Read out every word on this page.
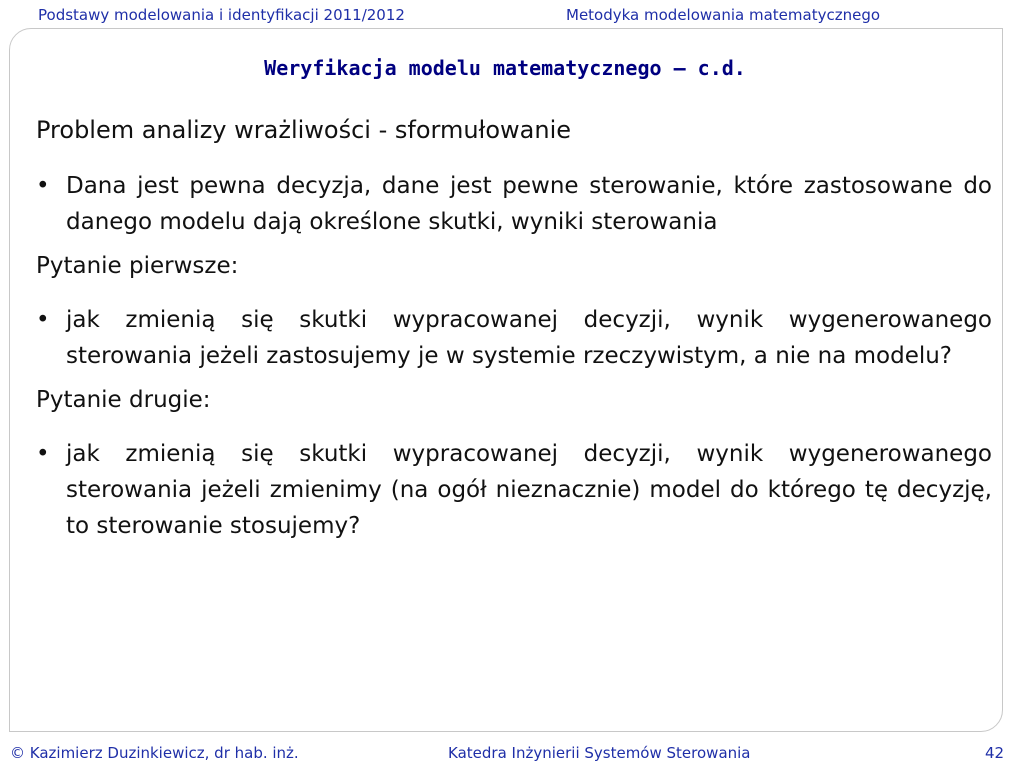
Podstawy modelowania i identyfikacji 2011/2012	Metodyka modelowania matematycznego
Weryfikacja modelu matematycznego – c.d.
Problem analizy wrażliwości - sformułowanie
• Dana jest pewna decyzja, dane jest pewne sterowanie, które zastosowane do danego modelu dają określone skutki, wyniki sterowania
Pytanie pierwsze:
• jak zmienią się skutki wypracowanej decyzji, wynik wygenerowanego sterowania jeżeli zastosujemy je w systemie rzeczywistym, a nie na modelu?
Pytanie drugie:
• jak zmienią się skutki wypracowanej decyzji, wynik wygenerowanego sterowania jeżeli zmienimy (na ogół nieznacznie) model do którego tę decyzję, to sterowanie stosujemy?
© Kazimierz Duzinkiewicz, dr hab. inż.	Katedra Inżynierii Systemów Sterowania	42
